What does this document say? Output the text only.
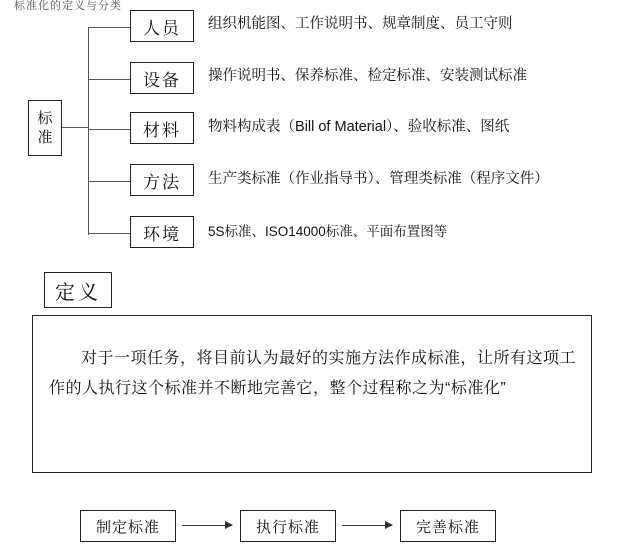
标准化的定义与分类
标准
人员 组织机能图、工作说明书、规章制度、员工守则
设备 操作说明书、保养标准、检定标准、安装测试标准
材料 物料构成表（Bill of Material）、验收标准、图纸
方法 生产类标准（作业指导书）、管理类标准（程序文件）
环境 5S标准、ISO14000标准、平面布置图等
定义
对于一项任务，将目前认为最好的实施方法作成标准，让所有这项工作的人执行这个标准并不断地完善它，整个过程称之为“标准化”
制定标准	执行标准	完善标准
